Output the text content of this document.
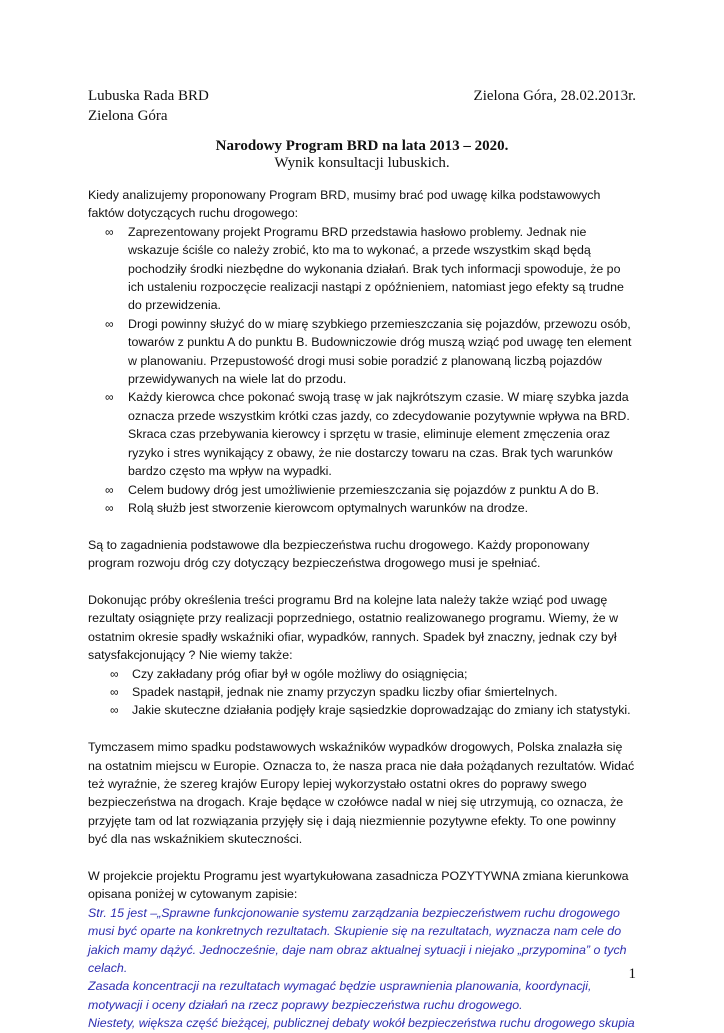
Lubuska Rada BRD
Zielona Góra
Zielona Góra, 28.02.2013r.
Narodowy Program BRD na lata 2013 – 2020.
Wynik konsultacji lubuskich.

Kiedy analizujemy proponowany Program BRD, musimy brać pod uwagę kilka podstawowych faktów dotyczących ruchu drogowego:

∞ Zaprezentowany projekt Programu BRD przedstawia hasłowo problemy. Jednak nie wskazuje ściśle co należy zrobić, kto ma to wykonać, a przede wszystkim skąd będą pochodziły środki niezbędne do wykonania działań. Brak tych informacji spowoduje, że po ich ustaleniu rozpoczęcie realizacji nastąpi z opóźnieniem, natomiast jego efekty są trudne do przewidzenia.
∞ Drogi powinny służyć do w miarę szybkiego przemieszczania się pojazdów, przewozu osób, towarów z punktu A do punktu B. Budowniczowie dróg muszą wziąć pod uwagę ten element w planowaniu. Przepustowość drogi musi sobie poradzić z planowaną liczbą pojazdów przewidywanych na wiele lat do przodu.
∞ Każdy kierowca chce pokonać swoją trasę w jak najkrótszym czasie. W miarę szybka jazda oznacza przede wszystkim krótki czas jazdy, co zdecydowanie pozytywnie wpływa na BRD. Skraca czas przebywania kierowcy i sprzętu w trasie, eliminuje element zmęczenia oraz ryzyko i stres wynikający z obawy, że nie dostarczy towaru na czas. Brak tych warunków bardzo często ma wpływ na wypadki.
∞ Celem budowy dróg jest umożliwienie przemieszczania się pojazdów z punktu A do B.
∞ Rolą służb jest stworzenie kierowcom optymalnych warunków na drodze.

Są to zagadnienia podstawowe dla bezpieczeństwa ruchu drogowego. Każdy proponowany program rozwoju dróg czy dotyczący bezpieczeństwa drogowego musi je spełniać.

Dokonując próby określenia treści programu Brd na kolejne lata należy także wziąć pod uwagę rezultaty osiągnięte przy realizacji poprzedniego, ostatnio realizowanego programu. Wiemy, że w ostatnim okresie spadły wskaźniki ofiar, wypadków, rannych. Spadek był znaczny, jednak czy był satysfakcjonujący ? Nie wiemy także:

∞ Czy zakładany próg ofiar był w ogóle możliwy do osiągnięcia;
∞ Spadek nastąpił, jednak nie znamy przyczyn spadku liczby ofiar śmiertelnych.
∞ Jakie skuteczne działania podjęły kraje sąsiedzkie doprowadzając do zmiany ich statystyki.

Tymczasem mimo spadku podstawowych wskaźników wypadków drogowych, Polska znalazła się na ostatnim miejscu w Europie. Oznacza to, że nasza praca nie dała pożądanych rezultatów. Widać też wyraźnie, że szereg krajów Europy lepiej wykorzystało ostatni okres do poprawy swego bezpieczeństwa na drogach. Kraje będące w czołówce nadal w niej się utrzymują, co oznacza, że przyjęte tam od lat rozwiązania przyjęły się i dają niezmiennie pozytywne efekty. To one powinny być dla nas wskaźnikiem skuteczności.

W projekcie projektu Programu jest wyartykułowana zasadnicza POZYTYWNA zmiana kierunkowa opisana poniżej w cytowanym zapisie:

Str. 15 jest –„Sprawne funkcjonowanie systemu zarządzania bezpieczeństwem ruchu drogowego musi być oparte na konkretnych rezultatach. Skupienie się na rezultatach, wyznacza nam cele do jakich mamy dążyć. Jednocześnie, daje nam obraz aktualnej sytuacji i niejako „przypomina” o tych celach.

Zasada koncentracji na rezultatach wymagać będzie usprawnienia planowania, koordynacji, motywacji i oceny działań na rzecz poprawy bezpieczeństwa ruchu drogowego.

Niestety, większa część bieżącej, publicznej debaty wokół bezpieczeństwa ruchu drogowego skupia

1
